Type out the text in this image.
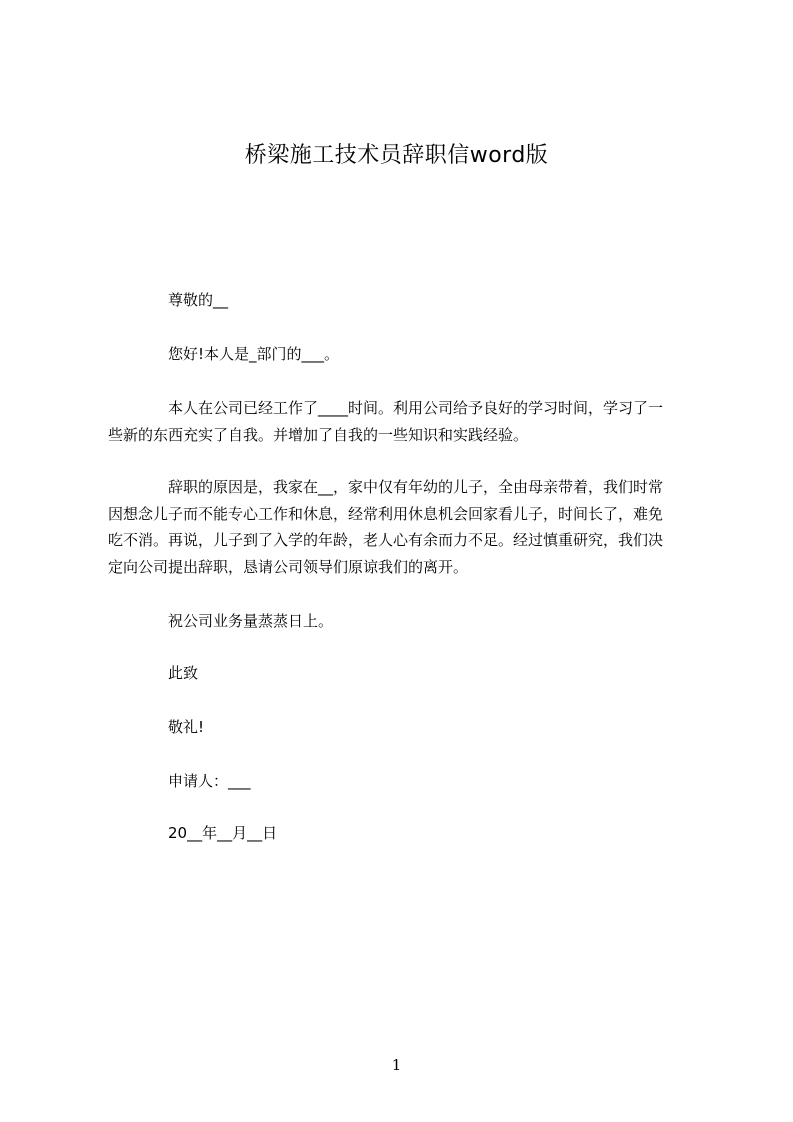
桥梁施工技术员辞职信word版
尊敬的__
您好!本人是_部门的___。
本人在公司已经工作了____时间。利用公司给予良好的学习时间，学习了一
些新的东西充实了自我。并增加了自我的一些知识和实践经验。
辞职的原因是，我家在__，家中仅有年幼的儿子，全由母亲带着，我们时常
因想念儿子而不能专心工作和休息，经常利用休息机会回家看儿子，时间长了，难免
吃不消。再说，儿子到了入学的年龄，老人心有余而力不足。经过慎重研究，我们决
定向公司提出辞职，恳请公司领导们原谅我们的离开。
祝公司业务量蒸蒸日上。
此致
敬礼!
申请人：___
20__年__月__日
1
